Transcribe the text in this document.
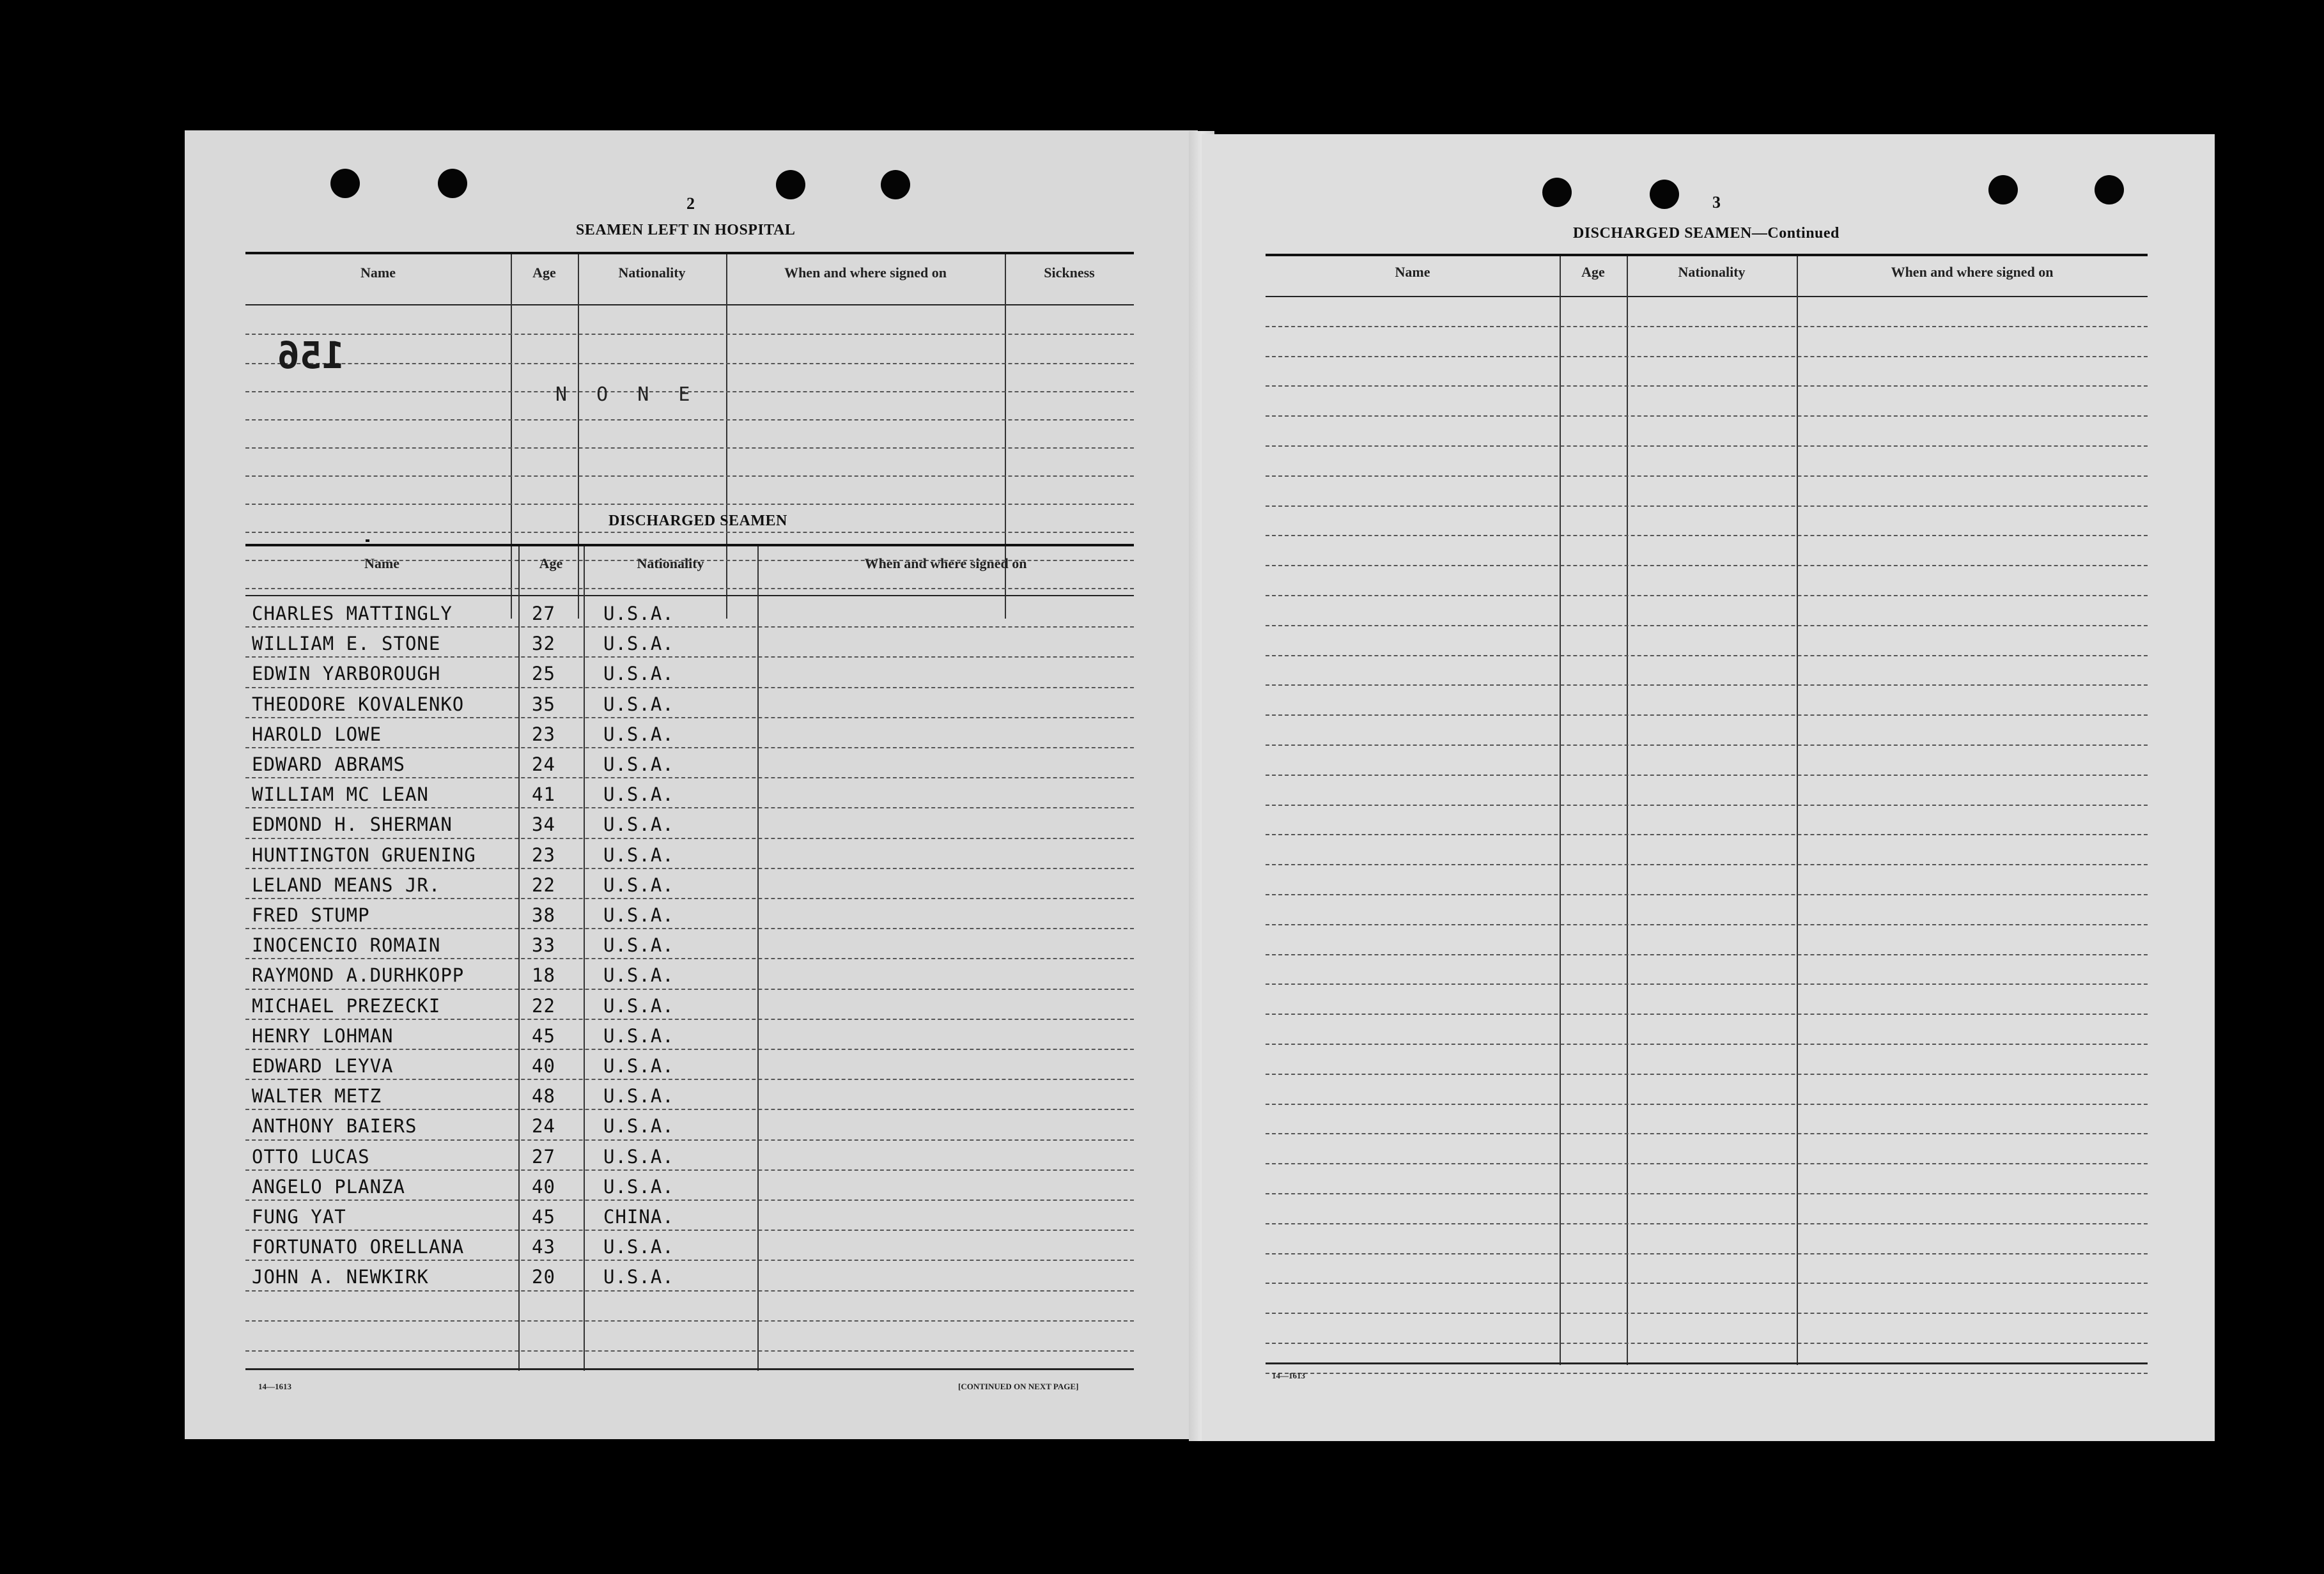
2
SEAMEN LEFT IN HOSPITAL
Name	Age	Nationality	When and where signed on	Sickness
N O N E
156
DISCHARGED SEAMEN
Name	Age	Nationality	When and where signed on
CHARLES MATTINGLY	27	U.S.A.
WILLIAM E. STONE	32	U.S.A.
EDWIN YARBOROUGH	25	U.S.A.
THEODORE KOVALENKO	35	U.S.A.
HAROLD LOWE	23	U.S.A.
EDWARD ABRAMS	24	U.S.A.
WILLIAM MC LEAN	41	U.S.A.
EDMOND H. SHERMAN	34	U.S.A.
HUNTINGTON GRUENING	23	U.S.A.
LELAND MEANS JR.	22	U.S.A.
FRED STUMP	38	U.S.A.
INOCENCIO ROMAIN	33	U.S.A.
RAYMOND A.DURHKOPP	18	U.S.A.
MICHAEL PREZECKI	22	U.S.A.
HENRY LOHMAN	45	U.S.A.
EDWARD LEYVA	40	U.S.A.
WALTER METZ	48	U.S.A.
ANTHONY BAIERS	24	U.S.A.
OTTO LUCAS	27	U.S.A.
ANGELO PLANZA	40	U.S.A.
FUNG YAT	45	CHINA.
FORTUNATO ORELLANA	43	U.S.A.
JOHN A. NEWKIRK	20	U.S.A.
14—1613	[CONTINUED ON NEXT PAGE]
3
DISCHARGED SEAMEN—Continued
Name	Age	Nationality	When and where signed on
14—1613
